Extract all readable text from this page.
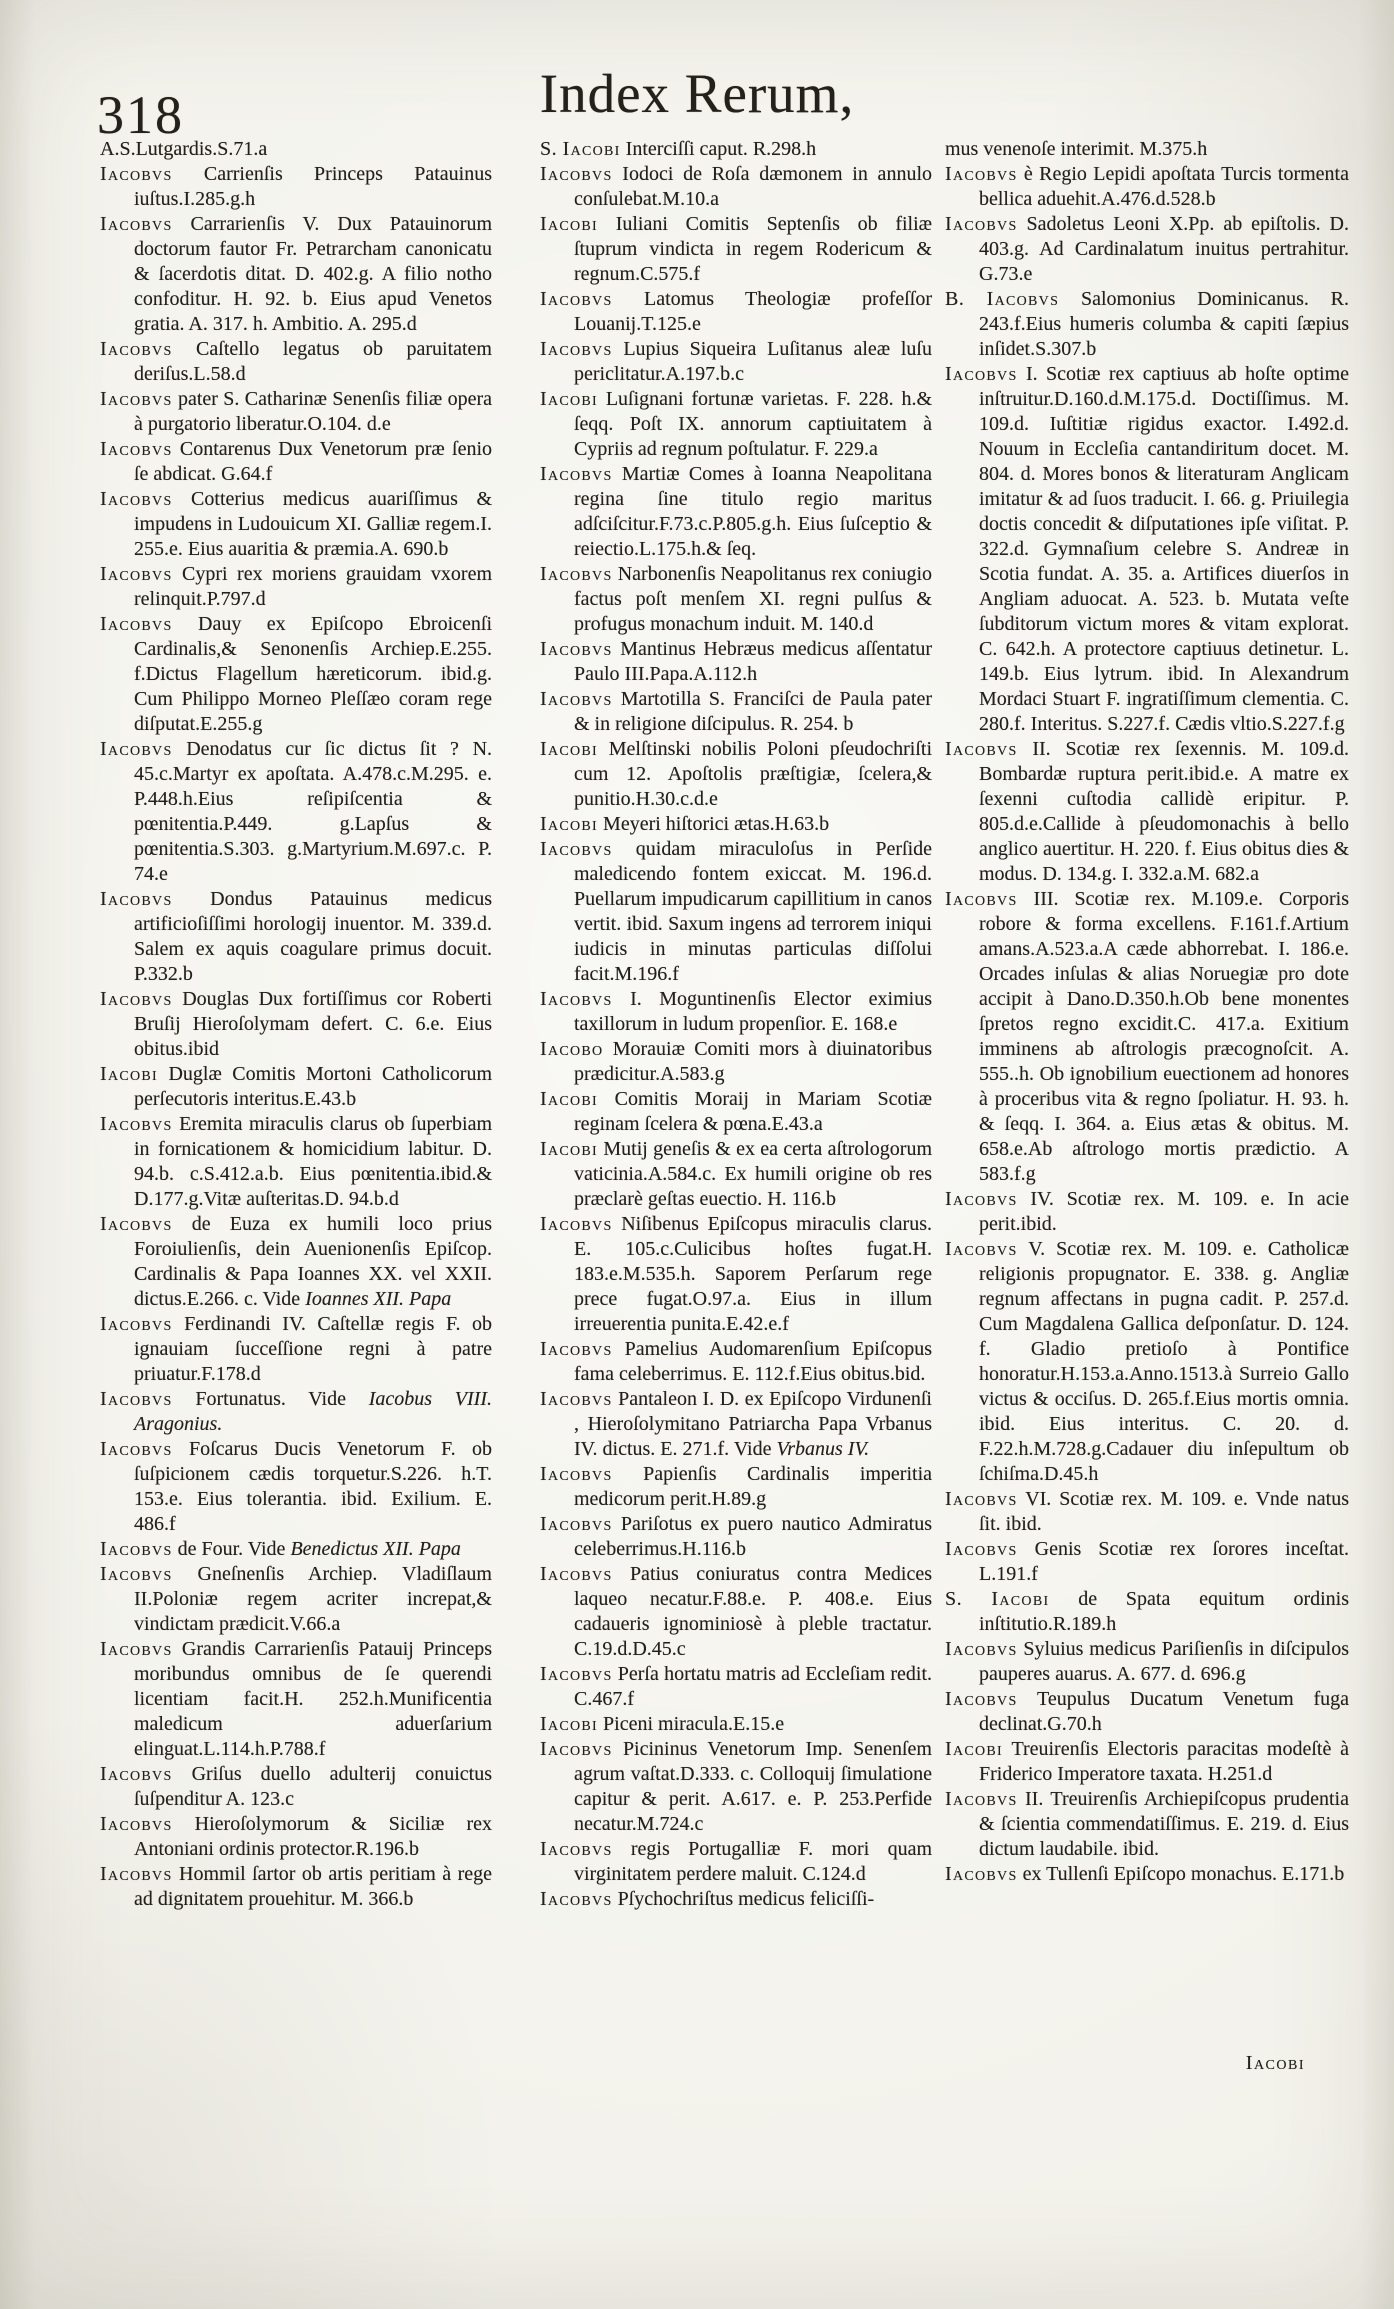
318	Index Rerum,
A.S.Lutgardis.S.71.a
Iacobvs Carrienſis Princeps Patauinus iuſtus.I.285.g.h
Iacobvs Carrarienſis V. Dux Patauinorum doctorum fautor Fr. Petrarcham canonicatu & ſacerdotis ditat. D. 402.g. A filio notho confoditur. H. 92. b. Eius apud Venetos gratia. A. 317. h. Ambitio. A. 295.d
Iacobvs Caſtello legatus ob paruitatem deriſus.L.58.d
Iacobvs pater S. Catharinæ Senenſis filiæ opera à purgatorio liberatur.O.104. d.e
Iacobvs Contarenus Dux Venetorum præ ſenio ſe abdicat. G.64.f
Iacobvs Cotterius medicus auariſſimus & impudens in Ludouicum XI. Galliæ regem.I. 255.e. Eius auaritia & præmia.A. 690.b
Iacobvs Cypri rex moriens grauidam vxorem relinquit.P.797.d
Iacobvs Dauy ex Epiſcopo Ebroicenſi Cardinalis,& Senonenſis Archiep.E.255. f.Dictus Flagellum hæreticorum. ibid.g. Cum Philippo Morneo Pleſſæo coram rege diſputat.E.255.g
Iacobvs Denodatus cur ſic dictus ſit ? N. 45.c.Martyr ex apoſtata. A.478.c.M.295. e. P.448.h.Eius reſipiſcentia & pœnitentia.P.449. g.Lapſus & pœnitentia.S.303. g.Martyrium.M.697.c. P. 74.e
Iacobvs Dondus Patauinus medicus artificioſiſſimi horologij inuentor. M. 339.d. Salem ex aquis coagulare primus docuit. P.332.b
Iacobvs Douglas Dux fortiſſimus cor Roberti Bruſij Hieroſolymam defert. C. 6.e. Eius obitus.ibid
Iacobi Duglæ Comitis Mortoni Catholicorum perſecutoris interitus.E.43.b
Iacobvs Eremita miraculis clarus ob ſuperbiam in fornicationem & homicidium labitur. D. 94.b. c.S.412.a.b. Eius pœnitentia.ibid.& D.177.g.Vitæ auſteritas.D. 94.b.d
Iacobvs de Euza ex humili loco prius Foroiulienſis, dein Auenionenſis Epiſcop. Cardinalis & Papa Ioannes XX. vel XXII. dictus.E.266. c. Vide Ioannes XII. Papa
Iacobvs Ferdinandi IV. Caſtellæ regis F. ob ignauiam ſucceſſione regni à patre priuatur.F.178.d
Iacobvs Fortunatus. Vide Iacobus VIII. Aragonius.
Iacobvs Foſcarus Ducis Venetorum F. ob ſuſpicionem cædis torquetur.S.226. h.T. 153.e. Eius tolerantia. ibid. Exilium. E. 486.f
Iacobvs de Four. Vide Benedictus XII. Papa
Iacobvs Gneſnenſis Archiep. Vladiſlaum II.Poloniæ regem acriter increpat,& vindictam prædicit.V.66.a
Iacobvs Grandis Carrarienſis Patauij Princeps moribundus omnibus de ſe querendi licentiam facit.H. 252.h.Munificentia maledicum aduerſarium elinguat.L.114.h.P.788.f
Iacobvs Griſus duello adulterij conuictus ſuſpenditur A. 123.c
Iacobvs Hieroſolymorum & Siciliæ rex Antoniani ordinis protector.R.196.b
Iacobvs Hommil ſartor ob artis peritiam à rege ad dignitatem prouehitur. M. 366.b
S. Iacobi Interciſſi caput. R.298.h
Iacobvs Iodoci de Roſa dæmonem in annulo conſulebat.M.10.a
Iacobi Iuliani Comitis Septenſis ob filiæ ſtuprum vindicta in regem Rodericum & regnum.C.575.f
Iacobvs Latomus Theologiæ profeſſor Louanij.T.125.e
Iacobvs Lupius Siqueira Luſitanus aleæ luſu periclitatur.A.197.b.c
Iacobi Luſignani fortunæ varietas. F. 228. h.& ſeqq. Poſt IX. annorum captiuitatem à Cypriis ad regnum poſtulatur. F. 229.a
Iacobvs Martiæ Comes à Ioanna Neapolitana regina ſine titulo regio maritus adſciſcitur.F.73.c.P.805.g.h. Eius ſuſceptio & reiectio.L.175.h.& ſeq.
Iacobvs Narbonenſis Neapolitanus rex coniugio factus poſt menſem XI. regni pulſus & profugus monachum induit. M. 140.d
Iacobvs Mantinus Hebræus medicus aſſentatur Paulo III.Papa.A.112.h
Iacobvs Martotilla S. Franciſci de Paula pater & in religione diſcipulus. R. 254. b
Iacobi Melſtinski nobilis Poloni pſeudochriſti cum 12. Apoſtolis præſtigiæ, ſcelera,& punitio.H.30.c.d.e
Iacobi Meyeri hiſtorici ætas.H.63.b
Iacobvs quidam miraculoſus in Perſide maledicendo fontem exiccat. M. 196.d. Puellarum impudicarum capillitium in canos vertit. ibid. Saxum ingens ad terrorem iniqui iudicis in minutas particulas diſſolui facit.M.196.f
Iacobvs I. Moguntinenſis Elector eximius taxillorum in ludum propenſior. E. 168.e
Iacobo Morauiæ Comiti mors à diuinatoribus prædicitur.A.583.g
Iacobi Comitis Moraij in Mariam Scotiæ reginam ſcelera & pœna.E.43.a
Iacobi Mutij geneſis & ex ea certa aſtrologorum vaticinia.A.584.c. Ex humili origine ob res præclarè geſtas euectio. H. 116.b
Iacobvs Niſibenus Epiſcopus miraculis clarus. E. 105.c.Culicibus hoſtes fugat.H. 183.e.M.535.h. Saporem Perſarum rege prece fugat.O.97.a. Eius in illum irreuerentia punita.E.42.e.f
Iacobvs Pamelius Audomarenſium Epiſcopus fama celeberrimus. E. 112.f.Eius obitus.bid.
Iacobvs Pantaleon I. D. ex Epiſcopo Virdunenſi , Hieroſolymitano Patriarcha Papa Vrbanus IV. dictus. E. 271.f. Vide Vrbanus IV.
Iacobvs Papienſis Cardinalis imperitia medicorum perit.H.89.g
Iacobvs Pariſotus ex puero nautico Admiratus celeberrimus.H.116.b
Iacobvs Patius coniuratus contra Medices laqueo necatur.F.88.e. P. 408.e. Eius cadaueris ignominiosè à pleble tractatur. C.19.d.D.45.c
Iacobvs Perſa hortatu matris ad Eccleſiam redit. C.467.f
Iacobi Piceni miracula.E.15.e
Iacobvs Picininus Venetorum Imp. Senenſem agrum vaſtat.D.333. c. Colloquij ſimulatione capitur & perit. A.617. e. P. 253.Perfide necatur.M.724.c
Iacobvs regis Portugalliæ F. mori quam virginitatem perdere maluit. C.124.d
Iacobvs Pſychochriſtus medicus feliciſſi-
mus venenoſe interimit. M.375.h
Iacobvs è Regio Lepidi apoſtata Turcis tormenta bellica aduehit.A.476.d.528.b
Iacobvs Sadoletus Leoni X.Pp. ab epiſtolis. D. 403.g. Ad Cardinalatum inuitus pertrahitur. G.73.e
B. Iacobvs Salomonius Dominicanus. R. 243.f.Eius humeris columba & capiti ſæpius inſidet.S.307.b
Iacobvs I. Scotiæ rex captiuus ab hoſte optime inſtruitur.D.160.d.M.175.d. Doctiſſimus. M. 109.d. Iuſtitiæ rigidus exactor. I.492.d. Nouum in Eccleſia cantandiritum docet. M. 804. d. Mores bonos & literaturam Anglicam imitatur & ad ſuos traducit. I. 66. g. Priuilegia doctis concedit & diſputationes ipſe viſitat. P. 322.d. Gymnaſium celebre S. Andreæ in Scotia fundat. A. 35. a. Artifices diuerſos in Angliam aduocat. A. 523. b. Mutata veſte ſubditorum victum mores & vitam explorat. C. 642.h. A protectore captiuus detinetur. L. 149.b. Eius lytrum. ibid. In Alexandrum Mordaci Stuart F. ingratiſſimum clementia. C. 280.f. Interitus. S.227.f. Cædis vltio.S.227.f.g
Iacobvs II. Scotiæ rex ſexennis. M. 109.d. Bombardæ ruptura perit.ibid.e. A matre ex ſexenni cuſtodia callidè eripitur. P. 805.d.e.Callide à pſeudomonachis à bello anglico auertitur. H. 220. f. Eius obitus dies & modus. D. 134.g. I. 332.a.M. 682.a
Iacobvs III. Scotiæ rex. M.109.e. Corporis robore & forma excellens. F.161.f.Artium amans.A.523.a.A cæde abhorrebat. I. 186.e. Orcades inſulas & alias Noruegiæ pro dote accipit à Dano.D.350.h.Ob bene monentes ſpretos regno excidit.C. 417.a. Exitium imminens ab aſtrologis præcognoſcit. A. 555..h. Ob ignobilium euectionem ad honores à proceribus vita & regno ſpoliatur. H. 93. h. & ſeqq. I. 364. a. Eius ætas & obitus. M. 658.e.Ab aſtrologo mortis prædictio. A 583.f.g
Iacobvs IV. Scotiæ rex. M. 109. e. In acie perit.ibid.
Iacobvs V. Scotiæ rex. M. 109. e. Catholicæ religionis propugnator. E. 338. g. Angliæ regnum affectans in pugna cadit. P. 257.d. Cum Magdalena Gallica deſponſatur. D. 124. f. Gladio pretioſo à Pontifice honoratur.H.153.a.Anno.1513.à Surreio Gallo victus & occiſus. D. 265.f.Eius mortis omnia. ibid. Eius interitus. C. 20. d. F.22.h.M.728.g.Cadauer diu inſepultum ob ſchiſma.D.45.h
Iacobvs VI. Scotiæ rex. M. 109. e. Vnde natus ſit. ibid.
Iacobvs Genis Scotiæ rex ſorores inceſtat. L.191.f
S. Iacobi de Spata equitum ordinis inſtitutio.R.189.h
Iacobvs Syluius medicus Pariſienſis in diſcipulos pauperes auarus. A. 677. d. 696.g
Iacobvs Teupulus Ducatum Venetum fuga declinat.G.70.h
Iacobi Treuirenſis Electoris paracitas modeſtè à Friderico Imperatore taxata. H.251.d
Iacobvs II. Treuirenſis Archiepiſcopus prudentia & ſcientia commendatiſſimus. E. 219. d. Eius dictum laudabile. ibid.
Iacobvs ex Tullenſi Epiſcopo monachus. E.171.b
Iacobi
